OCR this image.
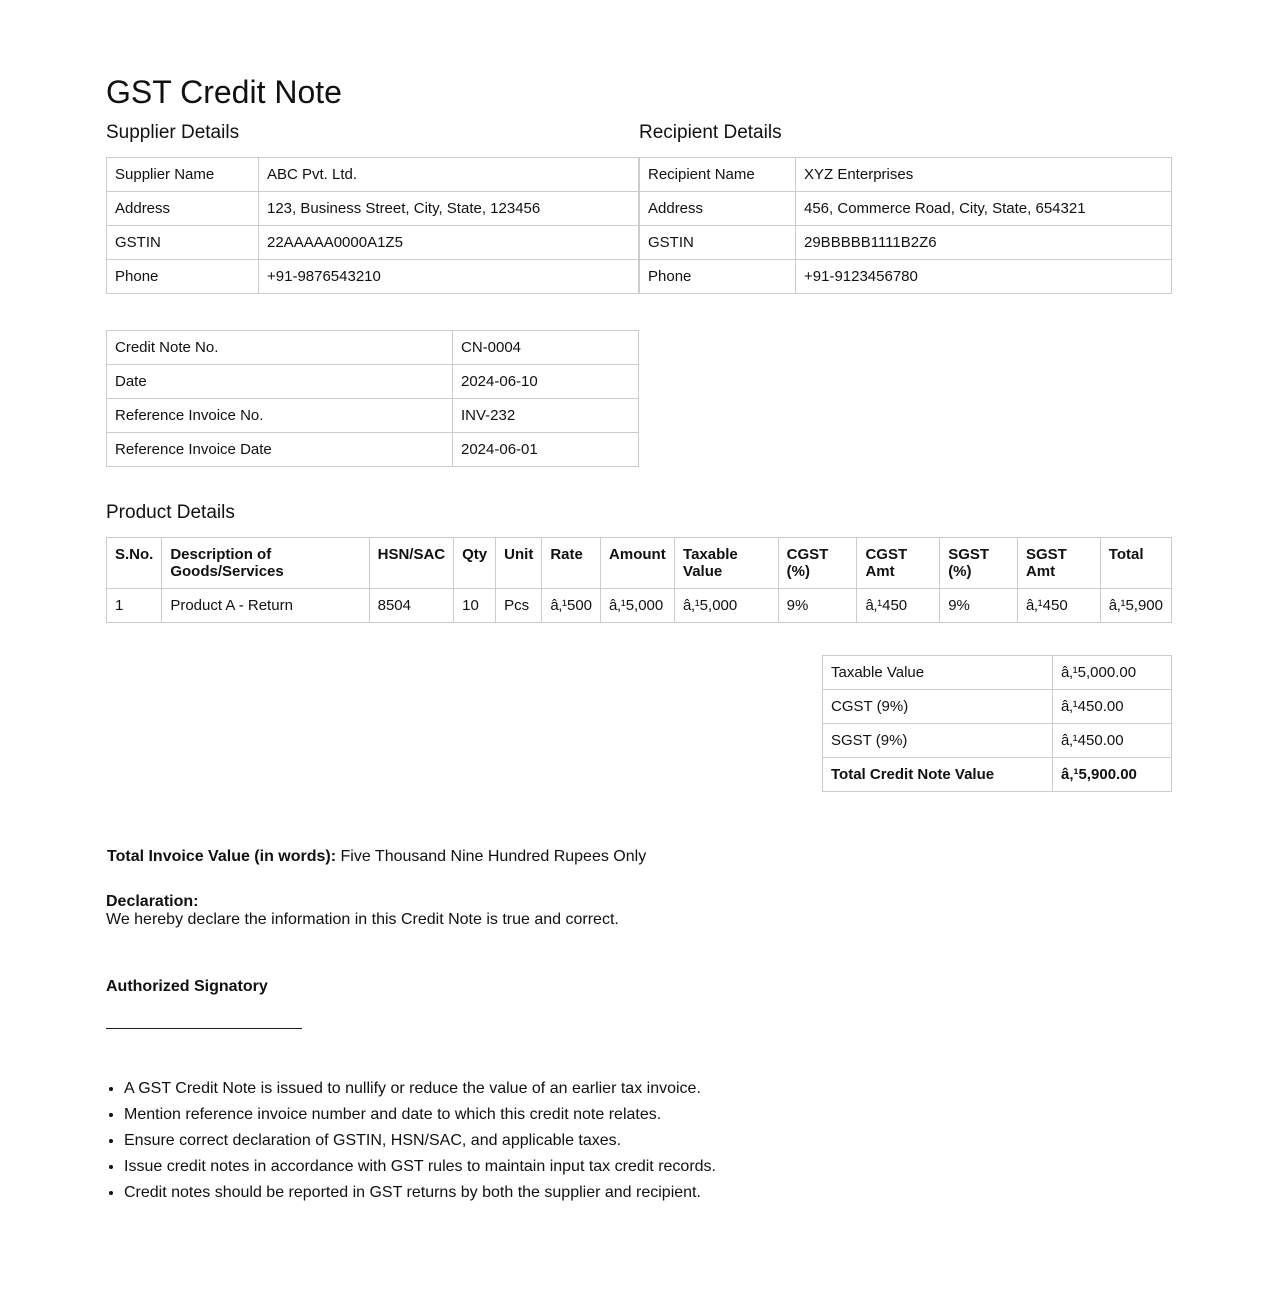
GST Credit Note
Supplier Details	Recipient Details
Supplier Name	ABC Pvt. Ltd.
Address	123, Business Street, City, State, 123456
GSTIN	22AAAAA0000A1Z5
Phone	+91-9876543210
Recipient Name	XYZ Enterprises
Address	456, Commerce Road, City, State, 654321
GSTIN	29BBBBB1111B2Z6
Phone	+91-9123456780
Credit Note No.	CN-0004
Date	2024-06-10
Reference Invoice No.	INV-232
Reference Invoice Date	2024-06-01
Product Details
S.No.	Description of Goods/Services	HSN/SAC	Qty	Unit	Rate	Amount	Taxable Value	CGST (%)	CGST Amt	SGST (%)	SGST Amt	Total
1	Product A - Return	8504	10	Pcs	â‚¹500	â‚¹5,000	â‚¹5,000	9%	â‚¹450	9%	â‚¹450	â‚¹5,900
Taxable Value	â‚¹5,000.00
CGST (9%)	â‚¹450.00
SGST (9%)	â‚¹450.00
Total Credit Note Value	â‚¹5,900.00
Total Invoice Value (in words): Five Thousand Nine Hundred Rupees Only
Declaration:
We hereby declare the information in this Credit Note is true and correct.
Authorized Signatory
• A GST Credit Note is issued to nullify or reduce the value of an earlier tax invoice.
• Mention reference invoice number and date to which this credit note relates.
• Ensure correct declaration of GSTIN, HSN/SAC, and applicable taxes.
• Issue credit notes in accordance with GST rules to maintain input tax credit records.
• Credit notes should be reported in GST returns by both the supplier and recipient.
